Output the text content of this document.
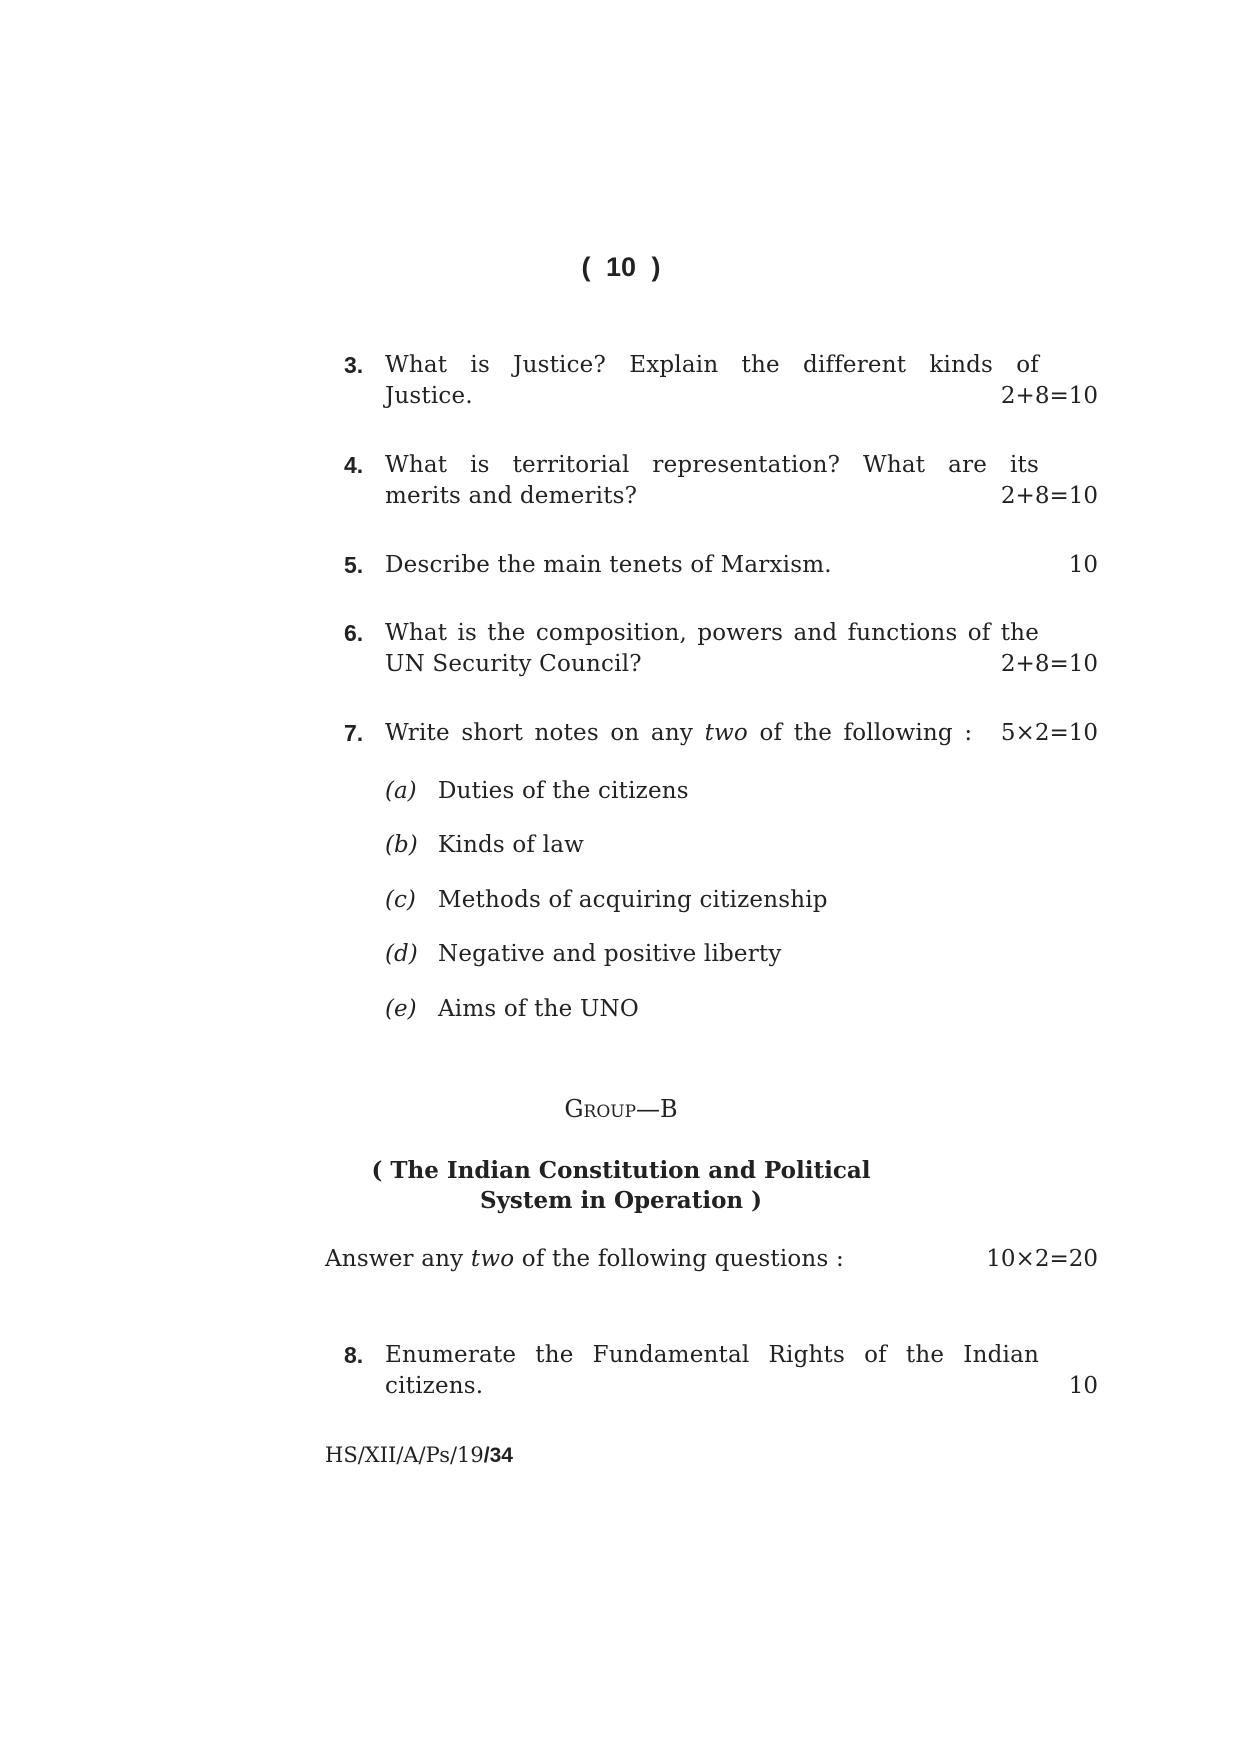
( 10 )
3. What is Justice? Explain the different kinds of
Justice.	2+8=10
4. What is territorial representation? What are its
merits and demerits?	2+8=10
5. Describe the main tenets of Marxism.	10
6. What is the composition, powers and functions of the
UN Security Council?	2+8=10
7. Write short notes on any two of the following : 5×2=10
(a) Duties of the citizens
(b) Kinds of law
(c) Methods of acquiring citizenship
(d) Negative and positive liberty
(e) Aims of the UNO
Group—B
( The Indian Constitution and Political
System in Operation )
Answer any two of the following questions :	10×2=20
8. Enumerate the Fundamental Rights of the Indian
citizens.	10
HS/XII/A/Ps/19/34
